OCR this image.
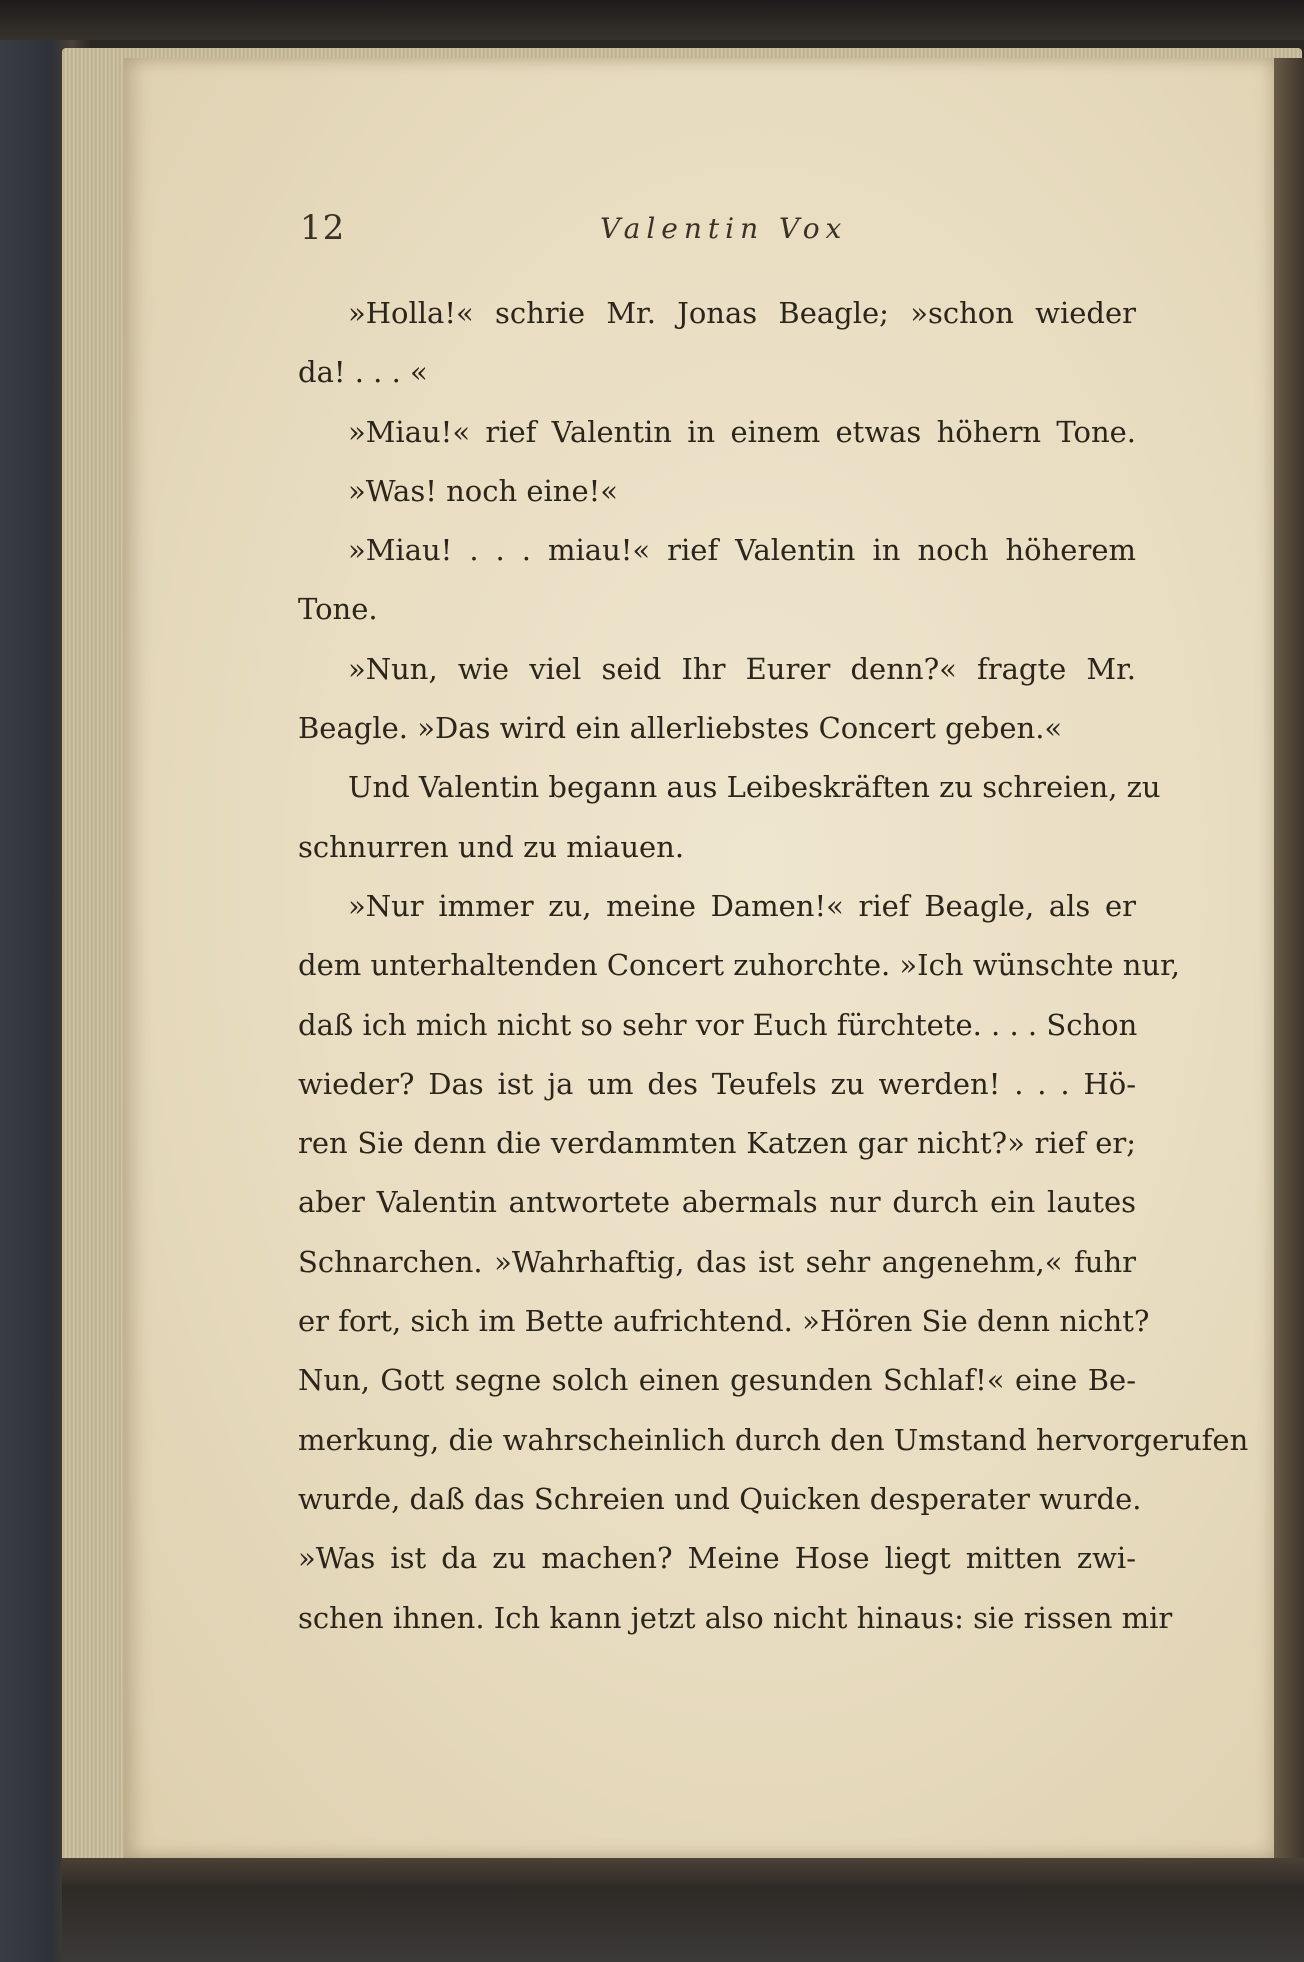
12	Valentin Vox
»Holla!« schrie Mr. Jonas Beagle; »schon wieder
da! . . . «
»Miau!« rief Valentin in einem etwas höhern Tone.
»Was! noch eine!«
»Miau! . . . miau!« rief Valentin in noch höherem
Tone.
»Nun, wie viel seid Ihr Eurer denn?« fragte Mr.
Beagle. »Das wird ein allerliebstes Concert geben.«
Und Valentin begann aus Leibeskräften zu schreien, zu
schnurren und zu miauen.
»Nur immer zu, meine Damen!« rief Beagle, als er
dem unterhaltenden Concert zuhorchte. »Ich wünschte nur,
daß ich mich nicht so sehr vor Euch fürchtete. . . . Schon
wieder? Das ist ja um des Teufels zu werden! . . . Hö-
ren Sie denn die verdammten Katzen gar nicht?» rief er;
aber Valentin antwortete abermals nur durch ein lautes
Schnarchen. »Wahrhaftig, das ist sehr angenehm,« fuhr
er fort, sich im Bette aufrichtend. »Hören Sie denn nicht?
Nun, Gott segne solch einen gesunden Schlaf!« eine Be-
merkung, die wahrscheinlich durch den Umstand hervorgerufen
wurde, daß das Schreien und Quicken desperater wurde.
»Was ist da zu machen? Meine Hose liegt mitten zwi-
schen ihnen. Ich kann jetzt also nicht hinaus: sie rissen mir
